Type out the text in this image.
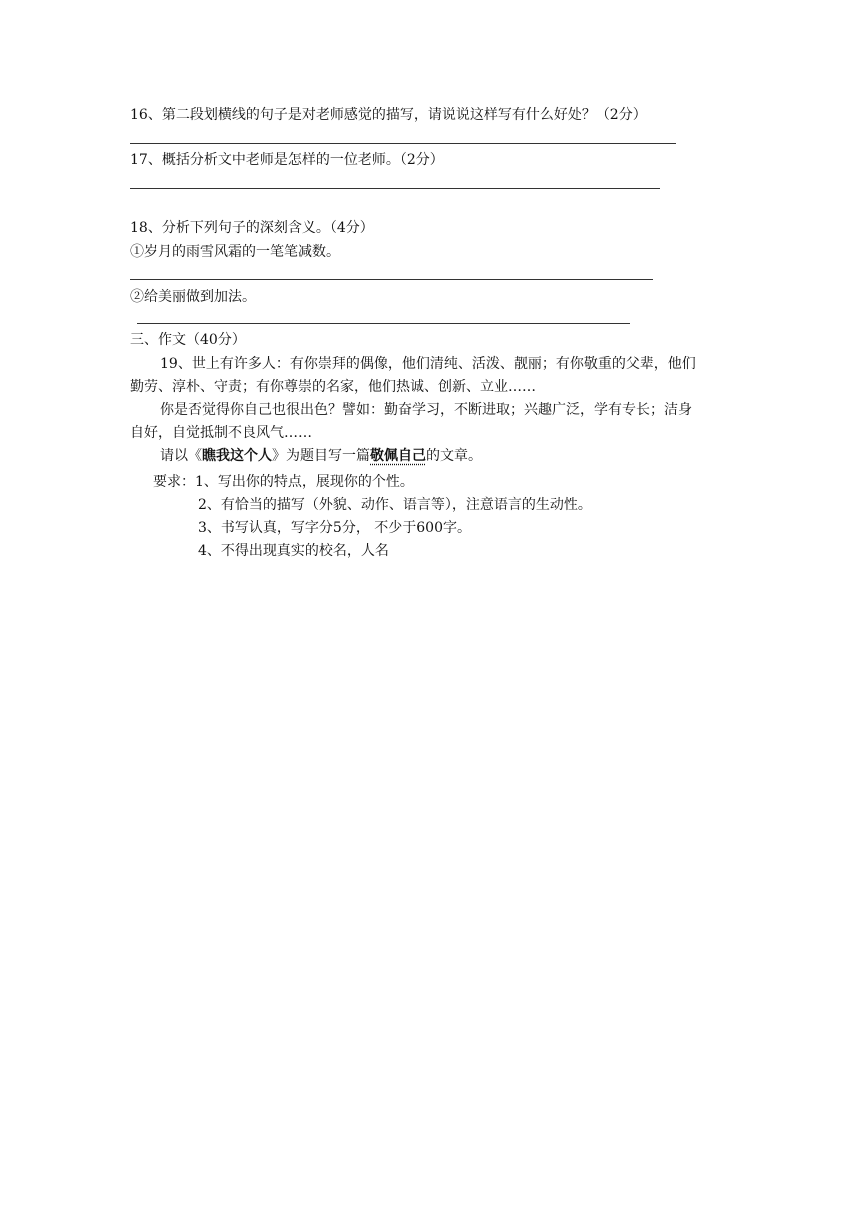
16、第二段划横线的句子是对老师感觉的描写，请说说这样写有什么好处？（2分）
17、概括分析文中老师是怎样的一位老师。（2分）
18、分析下列句子的深刻含义。（4分）
①岁月的雨雪风霜的一笔笔减数。
②给美丽做到加法。
三、作文（40分）
19、世上有许多人：有你崇拜的偶像，他们清纯、活泼、靓丽；有你敬重的父辈，他们
勤劳、淳朴、守责；有你尊崇的名家，他们热诚、创新、立业……
你是否觉得你自己也很出色？譬如：勤奋学习，不断进取；兴趣广泛，学有专长；洁身
自好，自觉抵制不良风气……
请以《瞧我这个人》为题目写一篇敬佩自己的文章。
要求：1、写出你的特点，展现你的个性。
2、有恰当的描写（外貌、动作、语言等），注意语言的生动性。
3、书写认真，写字分5分， 不少于600字。
4、不得出现真实的校名，人名
